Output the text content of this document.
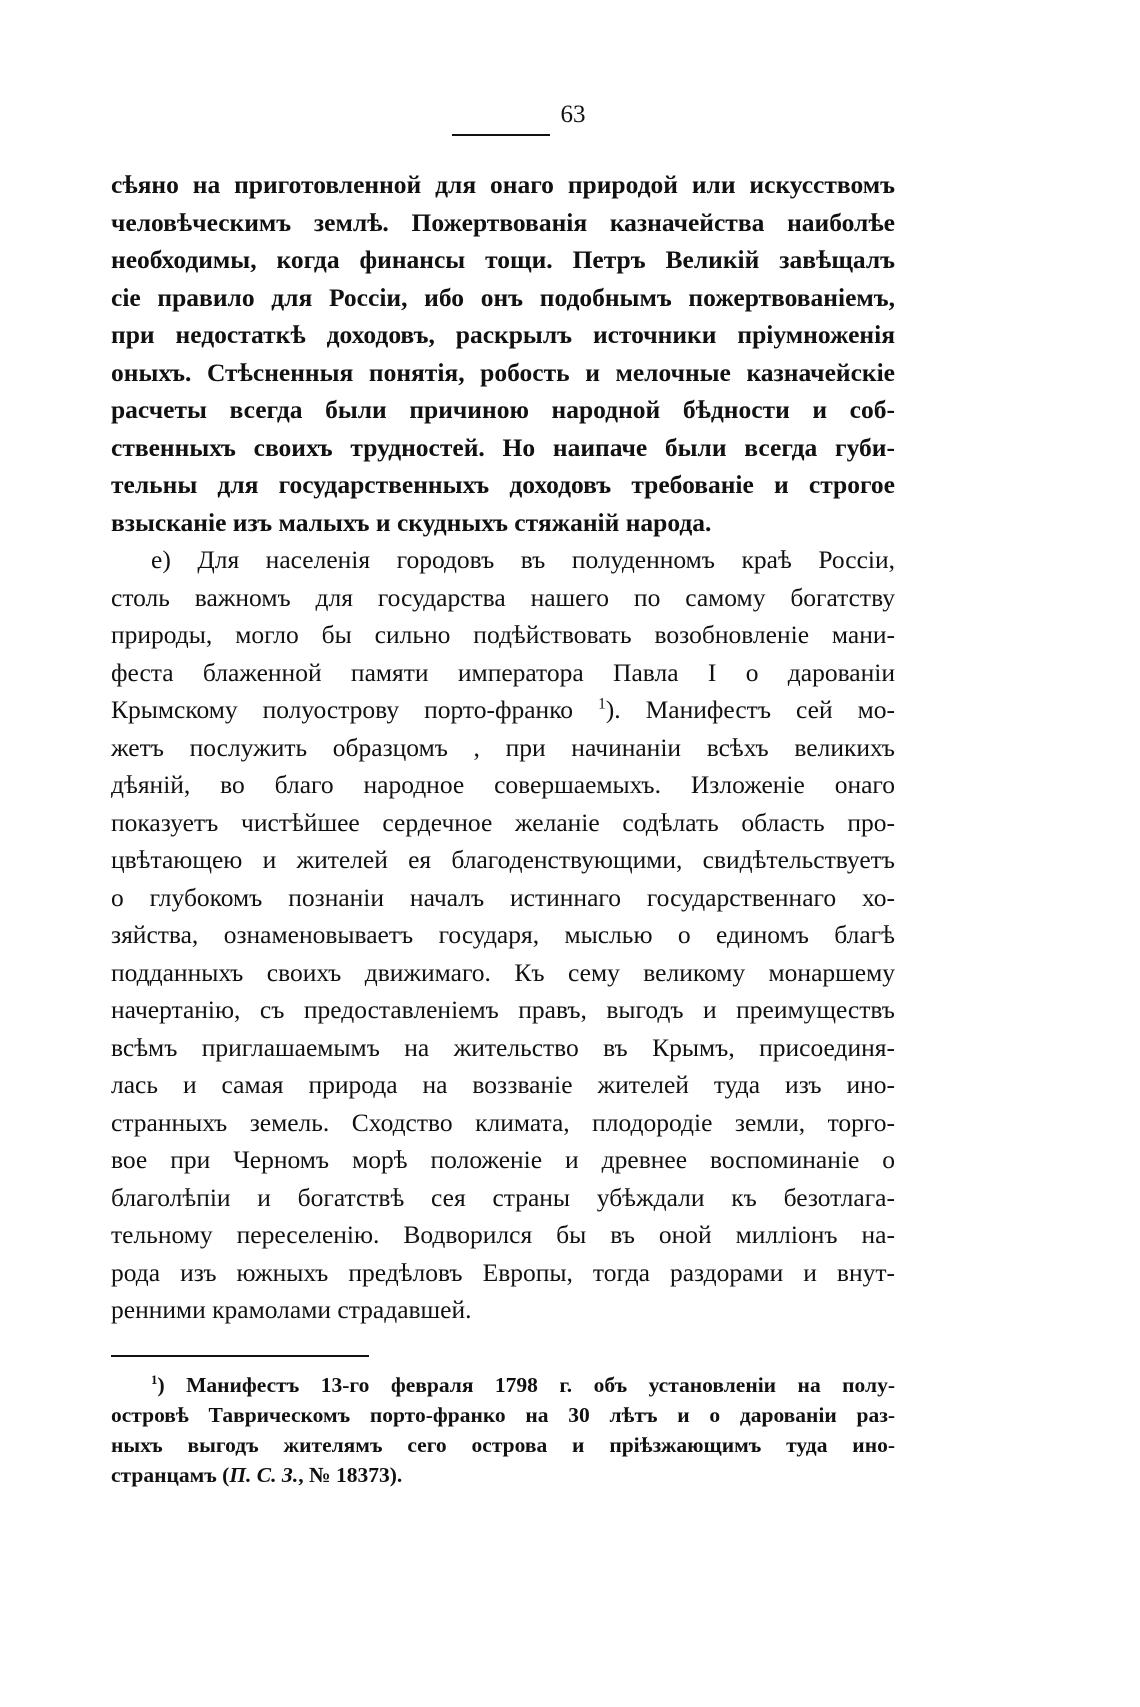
63
сѣяно на приготовленной для онаго природой или искусствомъ
человѣческимъ землѣ. Пожертвованія казначейства наиболѣе
необходимы, когда финансы тощи. Петръ Великій завѣщалъ
сіе правило для Россіи, ибо онъ подобнымъ пожертвованіемъ,
при недостаткѣ доходовъ, раскрылъ источники пріумноженія
оныхъ. Стѣсненныя понятія, робость и мелочные казначейскіе
расчеты всегда были причиною народной бѣдности и соб-
ственныхъ своихъ трудностей. Но наипаче были всегда губи-
тельны для государственныхъ доходовъ требованіе и строгое
взысканіе изъ малыхъ и скудныхъ стяжаній народа.
е) Для населенія городовъ въ полуденномъ краѣ Россіи,
столь важномъ для государства нашего по самому богатству
природы, могло бы сильно подѣйствовать возобновленіе мани-
феста блаженной памяти императора Павла I о дарованіи
Крымскому полуострову порто-франко $^1$). Манифестъ сей мо-
жетъ послужить образцомъ , при начинаніи всѣхъ великихъ
дѣяній, во благо народное совершаемыхъ. Изложеніе онаго
показуетъ чистѣйшее сердечное желаніе содѣлать область про-
цвѣтающею и жителей ея благоденствующими, свидѣтельствуетъ
о глубокомъ познаніи началъ истиннаго государственнаго хо-
зяйства, ознаменовываетъ государя, мыслью о единомъ благѣ
подданныхъ своихъ движимаго. Къ сему великому монаршему
начертанію, съ предоставленіемъ правъ, выгодъ и преимуществъ
всѣмъ приглашаемымъ на жительство въ Крымъ, присоединя-
лась и самая природа на воззваніе жителей туда изъ ино-
странныхъ земель. Сходство климата, плодородіе земли, торго-
вое при Черномъ морѣ положеніе и древнее воспоминаніе о
благолѣпіи и богатствѣ сея страны убѣждали къ безотлага-
тельному переселенію. Водворился бы въ оной милліонъ на-
рода изъ южныхъ предѣловъ Европы, тогда раздорами и внут-
ренними крамолами страдавшей.
$^1$) Манифестъ 13-го февраля 1798 г. объ установленіи на полу-
островѣ Таврическомъ порто-франко на 30 лѣтъ и о дарованіи раз-
ныхъ выгодъ жителямъ сего острова и пріѣзжающимъ туда ино-
странцамъ (П. С. З., № 18373).
